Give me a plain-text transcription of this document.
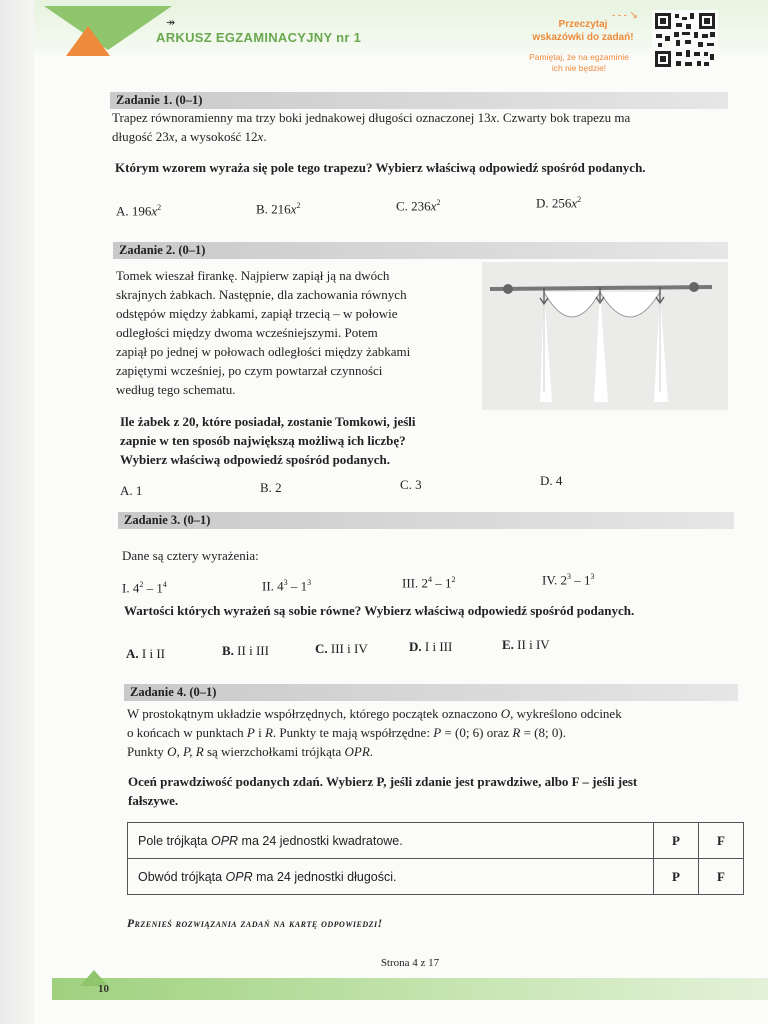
↠
ARKUSZ EGZAMINACYJNY nr 1
Przeczytaj
wskazówki do zadań!
- - - ↘
Pamiętaj, że na egzaminie
ich nie będzie!
Zadanie 1. (0–1)
Trapez równoramienny ma trzy boki jednakowej długości oznaczonej 13x. Czwarty bok trapezu ma
długość 23x, a wysokość 12x.
Którym wzorem wyraża się pole tego trapezu? Wybierz właściwą odpowiedź spośród podanych.
A. $196x^2$	B. $216x^2$	C. $236x^2$	D. $256x^2$
Zadanie 2. (0–1)
Tomek wieszał firankę. Najpierw zapiął ją na dwóch
skrajnych żabkach. Następnie, dla zachowania równych
odstępów między żabkami, zapiął trzecią – w połowie
odległości między dwoma wcześniejszymi. Potem
zapiął po jednej w połowach odległości między żabkami
zapiętymi wcześniej, po czym powtarzał czynności
według tego schematu.
Ile żabek z 20, które posiadał, zostanie Tomkowi, jeśli
zapnie w ten sposób największą możliwą ich liczbę?
Wybierz właściwą odpowiedź spośród podanych.
A. 1	B. 2	C. 3	D. 4
Zadanie 3. (0–1)
Dane są cztery wyrażenia:
I. $4^2 - 1^4$	II. $4^3 - 1^3$	III. $2^4 - 1^2$	IV. $2^3 - 1^3$
Wartości których wyrażeń są sobie równe? Wybierz właściwą odpowiedź spośród podanych.
A. I i II	B. II i III	C. III i IV	D. I i III	E. II i IV
Zadanie 4. (0–1)
W prostokątnym układzie współrzędnych, którego początek oznaczono O, wykreślono odcinek
o końcach w punktach P i R. Punkty te mają współrzędne: P = (0; 6) oraz R = (8; 0).
Punkty O, P, R są wierzchołkami trójkąta OPR.
Oceń prawdziwość podanych zdań. Wybierz P, jeśli zdanie jest prawdziwe, albo F – jeśli jest
fałszywe.
Pole trójkąta OPR ma 24 jednostki kwadratowe.	P	F
Obwód trójkąta OPR ma 24 jednostki długości.	P	F
Przenieś rozwiązania zadań na kartę odpowiedzi!
Strona 4 z 17
10
